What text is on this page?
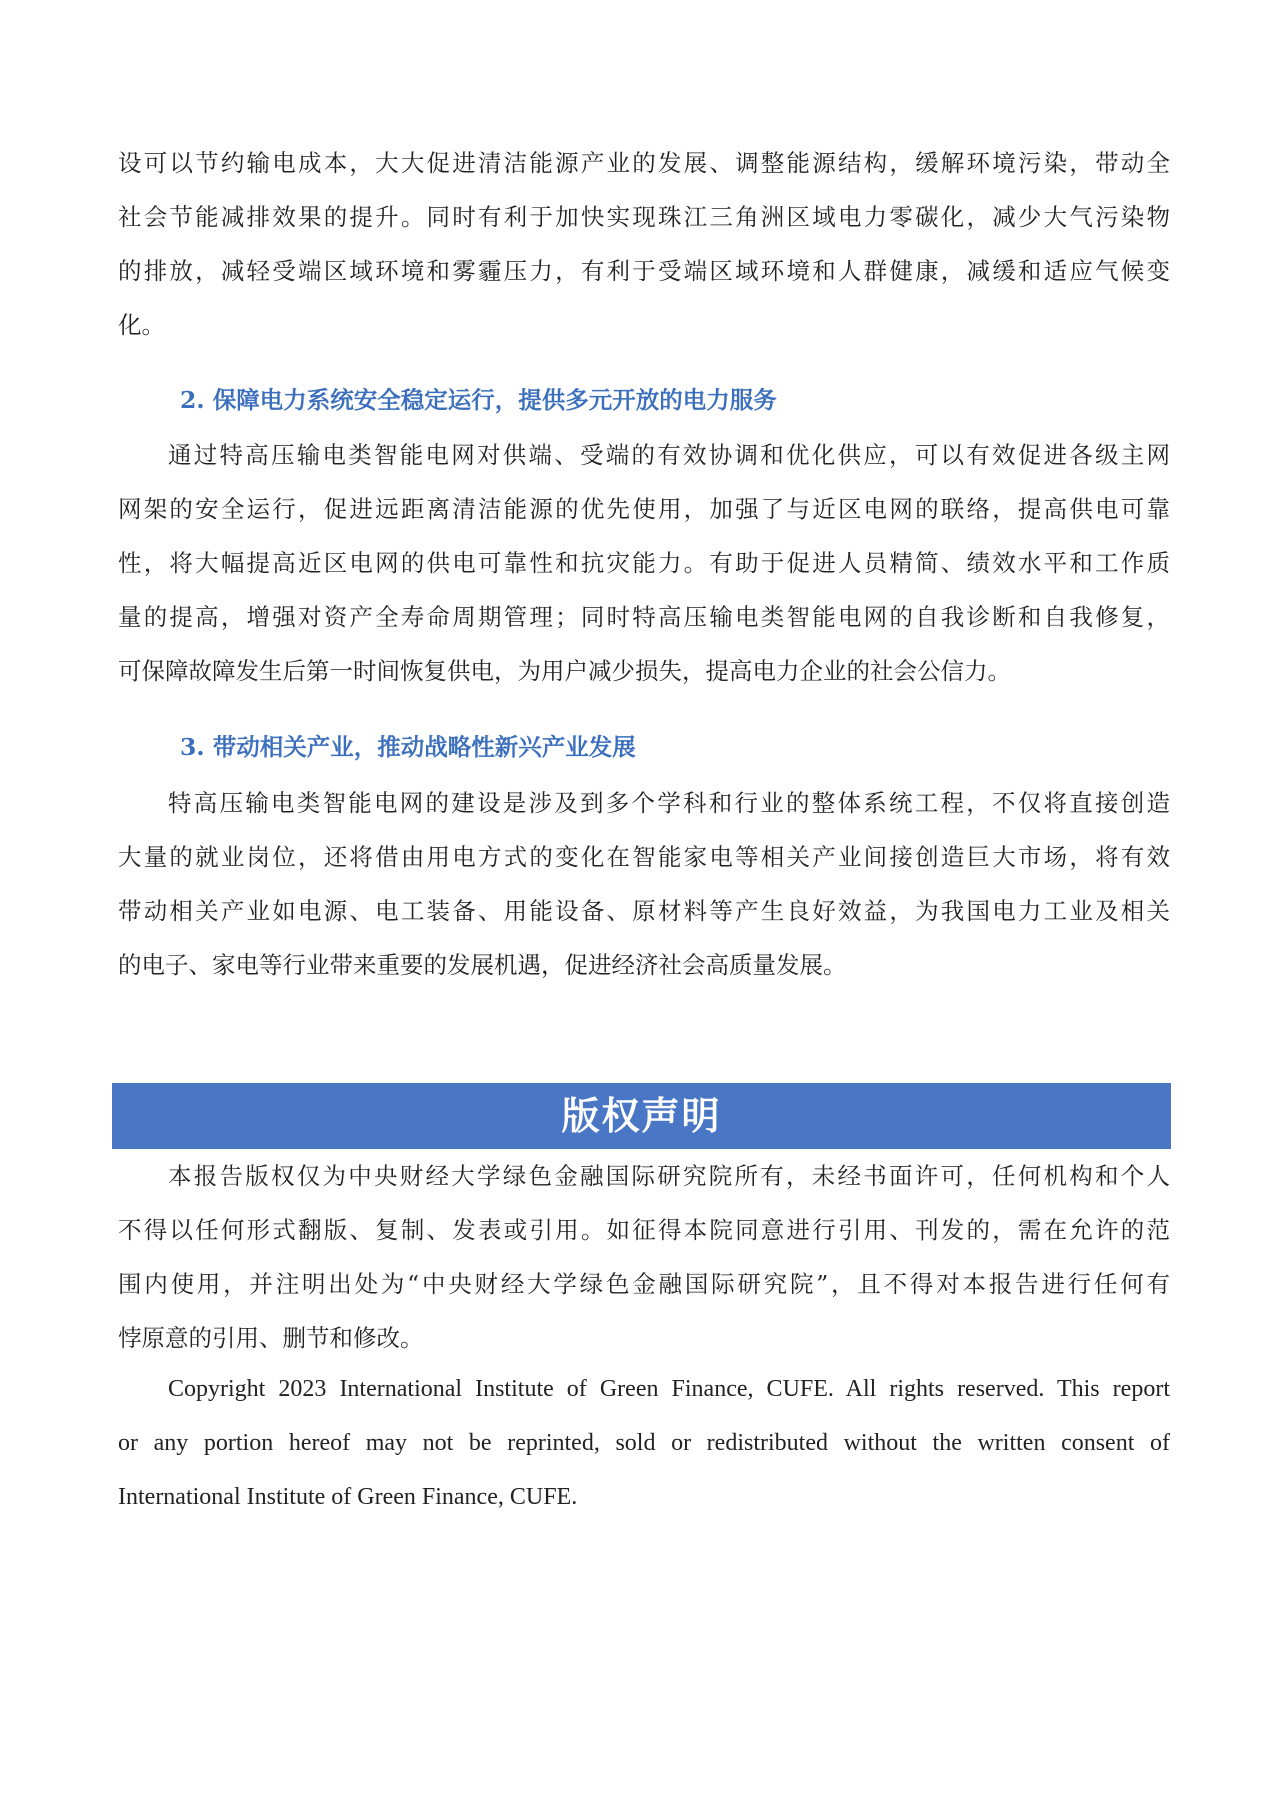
设可以节约输电成本，大大促进清洁能源产业的发展、调整能源结构，缓解环境污染，带动全
社会节能减排效果的提升。同时有利于加快实现珠江三角洲区域电力零碳化，减少大气污染物
的排放，减轻受端区域环境和雾霾压力，有利于受端区域环境和人群健康，减缓和适应气候变
化。
2. 保障电力系统安全稳定运行，提供多元开放的电力服务
通过特高压输电类智能电网对供端、受端的有效协调和优化供应，可以有效促进各级主网
网架的安全运行，促进远距离清洁能源的优先使用，加强了与近区电网的联络，提高供电可靠
性，将大幅提高近区电网的供电可靠性和抗灾能力。有助于促进人员精简、绩效水平和工作质
量的提高，增强对资产全寿命周期管理；同时特高压输电类智能电网的自我诊断和自我修复，
可保障故障发生后第一时间恢复供电，为用户减少损失，提高电力企业的社会公信力。
3. 带动相关产业，推动战略性新兴产业发展
特高压输电类智能电网的建设是涉及到多个学科和行业的整体系统工程，不仅将直接创造
大量的就业岗位，还将借由用电方式的变化在智能家电等相关产业间接创造巨大市场，将有效
带动相关产业如电源、电工装备、用能设备、原材料等产生良好效益，为我国电力工业及相关
的电子、家电等行业带来重要的发展机遇，促进经济社会高质量发展。
版权声明
本报告版权仅为中央财经大学绿色金融国际研究院所有，未经书面许可，任何机构和个人
不得以任何形式翻版、复制、发表或引用。如征得本院同意进行引用、刊发的，需在允许的范
围内使用，并注明出处为“中央财经大学绿色金融国际研究院”，且不得对本报告进行任何有
悖原意的引用、删节和修改。
Copyright 2023 International Institute of Green Finance, CUFE. All rights reserved. This report
or any portion hereof may not be reprinted, sold or redistributed without the written consent of
International Institute of Green Finance, CUFE.
